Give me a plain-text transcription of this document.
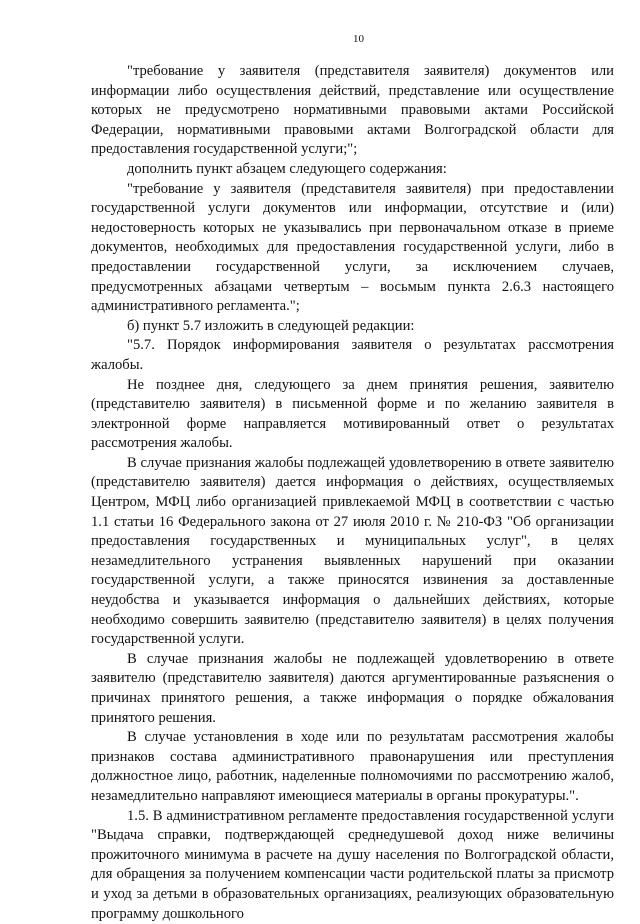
10

"требование у заявителя (представителя заявителя) документов или информации либо осуществления действий, представление или осуществление которых не предусмотрено нормативными правовыми актами Российской Федерации, нормативными правовыми актами Волгоградской области для предоставления государственной услуги;";

дополнить пункт абзацем следующего содержания:

"требование у заявителя (представителя заявителя) при предоставлении государственной услуги документов или информации, отсутствие и (или) недостоверность которых не указывались при первоначальном отказе в приеме документов, необходимых для предоставления государственной услуги, либо в предоставлении государственной услуги, за исключением случаев, предусмотренных абзацами четвертым – восьмым пункта 2.6.3 настоящего административного регламента.";

б) пункт 5.7 изложить в следующей редакции:

"5.7. Порядок информирования заявителя о результатах рассмотрения жалобы.

Не позднее дня, следующего за днем принятия решения, заявителю (представителю заявителя) в письменной форме и по желанию заявителя в электронной форме направляется мотивированный ответ о результатах рассмотрения жалобы.

В случае признания жалобы подлежащей удовлетворению в ответе заявителю (представителю заявителя) дается информация о действиях, осуществляемых Центром, МФЦ либо организацией привлекаемой МФЦ в соответствии с частью 1.1 статьи 16 Федерального закона от 27 июля 2010 г. № 210-ФЗ "Об организации предоставления государственных и муниципальных услуг", в целях незамедлительного устранения выявленных нарушений при оказании государственной услуги, а также приносятся извинения за доставленные неудобства и указывается информация о дальнейших действиях, которые необходимо совершить заявителю (представителю заявителя) в целях получения государственной услуги.

В случае признания жалобы не подлежащей удовлетворению в ответе заявителю (представителю заявителя) даются аргументированные разъяснения о причинах принятого решения, а также информация о порядке обжалования принятого решения.

В случае установления в ходе или по результатам рассмотрения жалобы признаков состава административного правонарушения или преступления должностное лицо, работник, наделенные полномочиями по рассмотрению жалоб, незамедлительно направляют имеющиеся материалы в органы прокуратуры.".

1.5. В административном регламенте предоставления государственной услуги "Выдача справки, подтверждающей среднедушевой доход ниже величины прожиточного минимума в расчете на душу населения по Волгоградской области, для обращения за получением компенсации части родительской платы за присмотр и уход за детьми в образовательных организациях, реализующих образовательную программу дошкольного
